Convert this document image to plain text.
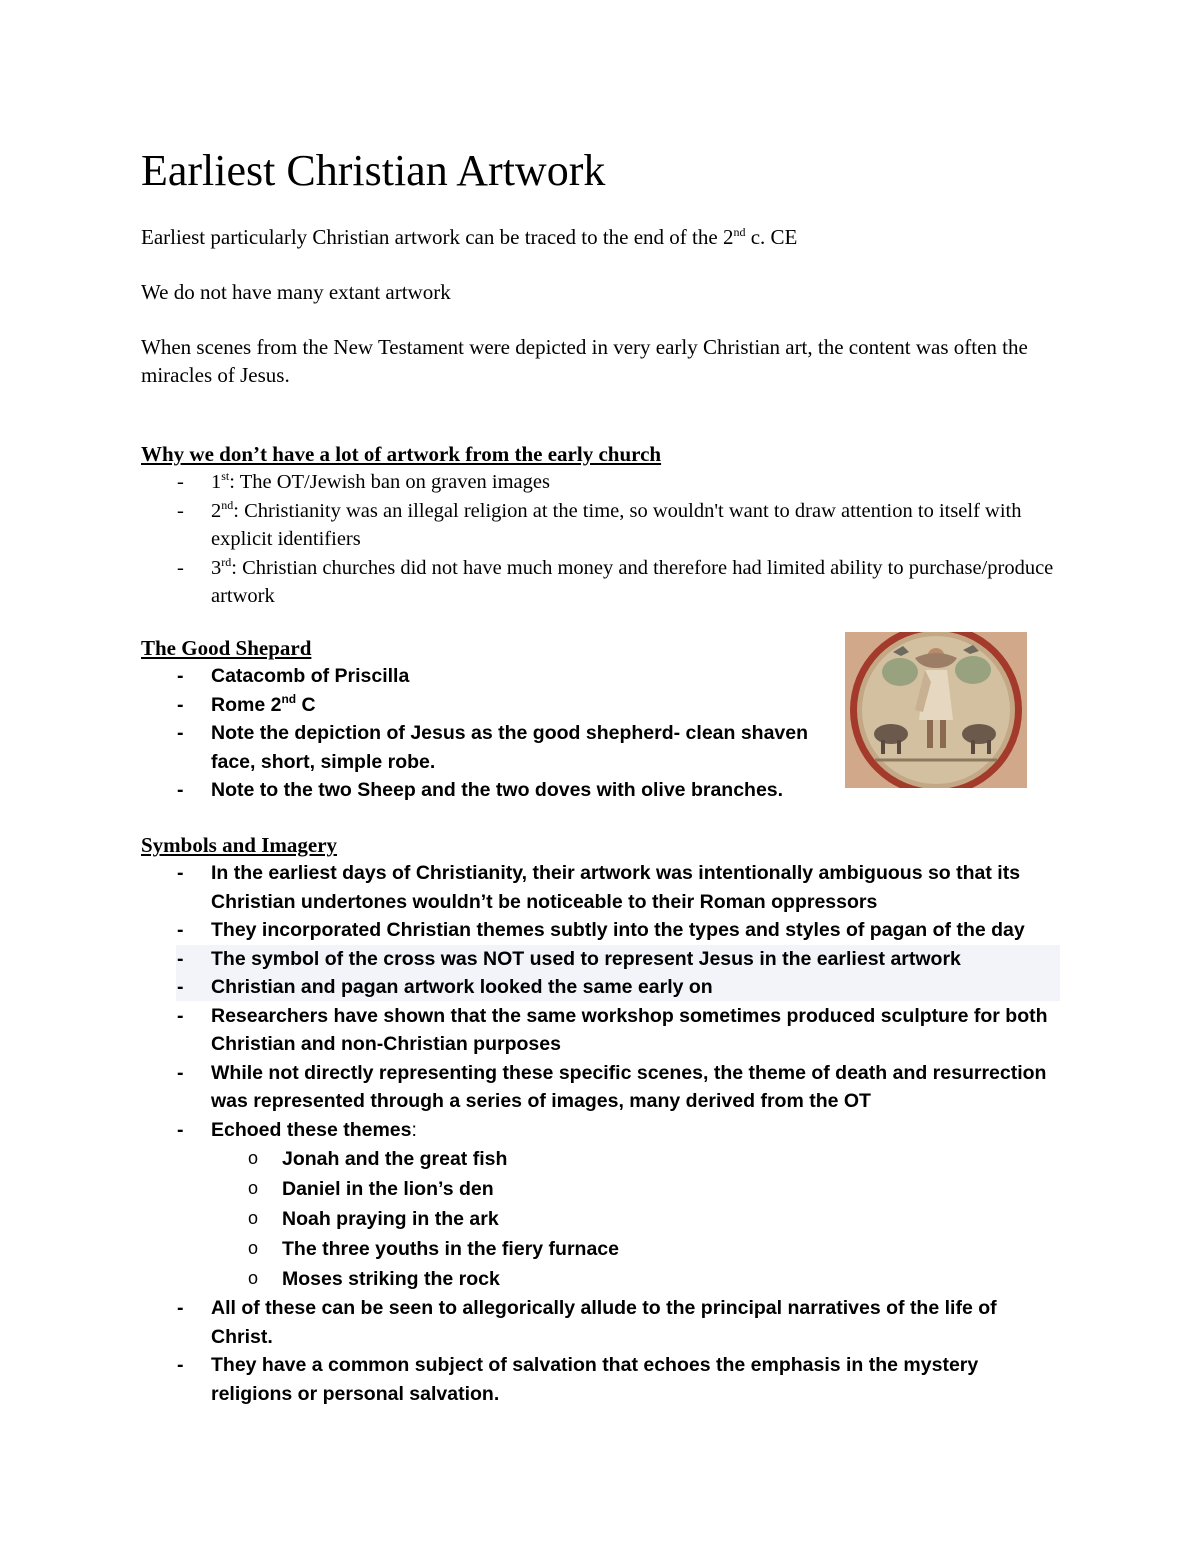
Earliest Christian Artwork

Earliest particularly Christian artwork can be traced to the end of the 2nd c. CE

We do not have many extant artwork

When scenes from the New Testament were depicted in very early Christian art, the content was often the miracles of Jesus.

Why we don’t have a lot of artwork from the early church
- 1st: The OT/Jewish ban on graven images
- 2nd: Christianity was an illegal religion at the time, so wouldn't want to draw attention to itself with explicit identifiers
- 3rd: Christian churches did not have much money and therefore had limited ability to purchase/produce artwork
The Good Shepard
- Catacomb of Priscilla
- Rome 2nd C
- Note the depiction of Jesus as the good shepherd- clean shaven face, short, simple robe.
- Note to the two Sheep and the two doves with olive branches.
Symbols and Imagery
- In the earliest days of Christianity, their artwork was intentionally ambiguous so that its Christian undertones wouldn’t be noticeable to their Roman oppressors
- They incorporated Christian themes subtly into the types and styles of pagan of the day
- The symbol of the cross was NOT used to represent Jesus in the earliest artwork
- Christian and pagan artwork looked the same early on
- Researchers have shown that the same workshop sometimes produced sculpture for both Christian and non-Christian purposes
- While not directly representing these specific scenes, the theme of death and resurrection was represented through a series of images, many derived from the OT
- Echoed these themes:
o Jonah and the great fish
o Daniel in the lion’s den
o Noah praying in the ark
o The three youths in the fiery furnace
o Moses striking the rock
- All of these can be seen to allegorically allude to the principal narratives of the life of Christ.
- They have a common subject of salvation that echoes the emphasis in the mystery religions or personal salvation.
